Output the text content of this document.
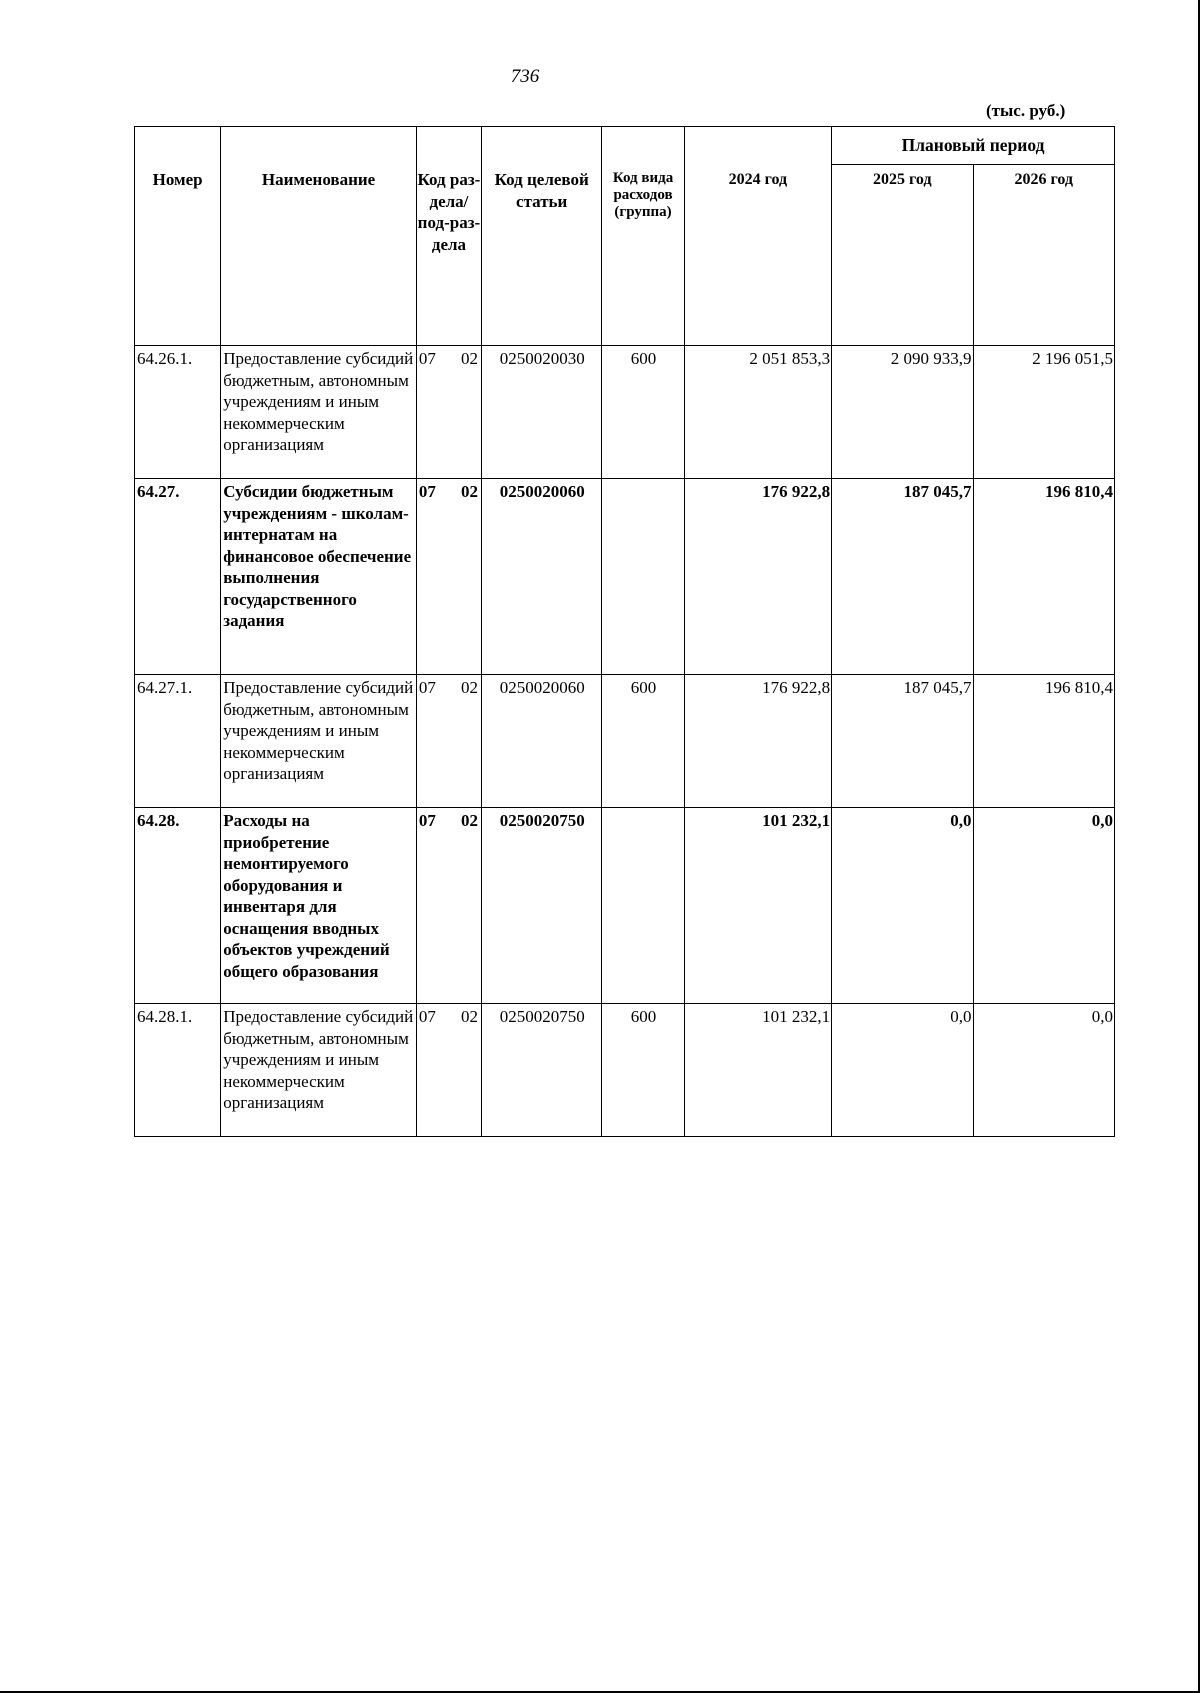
736
(тыс. руб.)
Номер	Наименование	Код раз-дела/ под-раз-дела	Код целевой статьи	Код вида расходов (группа)	2024 год	Плановый период	
						2025 год	2026 год
64.26.1.	Предоставление субсидий бюджетным, автономным учреждениям и иным некоммерческим организациям	07 02	0250020030	600	2 051 853,3	2 090 933,9	2 196 051,5
64.27.	Субсидии бюджетным учреждениям - школам-интернатам на финансовое обеспечение выполнения государственного задания	07 02	0250020060		176 922,8	187 045,7	196 810,4
64.27.1.	Предоставление субсидий бюджетным, автономным учреждениям и иным некоммерческим организациям	07 02	0250020060	600	176 922,8	187 045,7	196 810,4
64.28.	Расходы на приобретение немонтируемого оборудования и инвентаря для оснащения вводных объектов учреждений общего образования	07 02	0250020750		101 232,1	0,0	0,0
64.28.1.	Предоставление субсидий бюджетным, автономным учреждениям и иным некоммерческим организациям	07 02	0250020750	600	101 232,1	0,0	0,0
